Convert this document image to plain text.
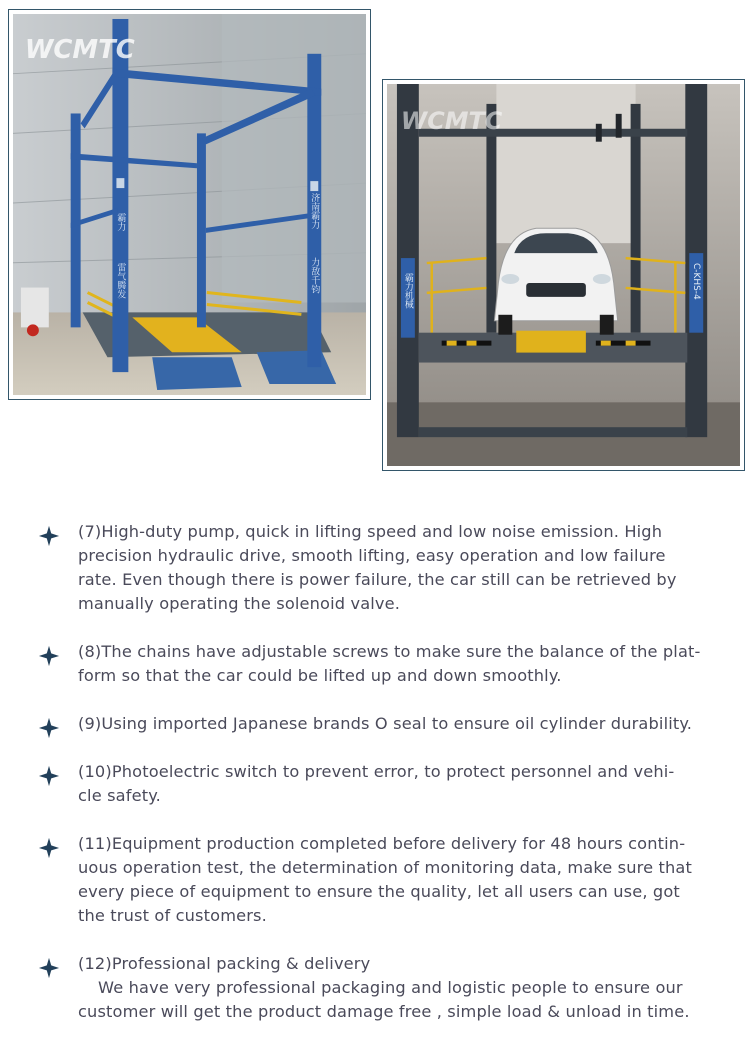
济南霸力
力敌千钧
霸力
雷气腾发
WCMTC
霸力机械	C-KHS-4
WCMTC

(7)High-duty pump, quick in lifting speed and low noise emission. High

precision hydraulic drive, smooth lifting, easy operation and low failure

rate. Even though there is power failure, the car still can be retrieved by

manually operating the solenoid valve.

(8)The chains have adjustable screws to make sure the balance of the plat-

form so that the car could be lifted up and down smoothly.

(9)Using imported Japanese brands O seal to ensure oil cylinder durability.

(10)Photoelectric switch to prevent error, to protect personnel and vehi-

cle safety.

(11)Equipment production completed before delivery for 48 hours contin-

uous operation test, the determination of monitoring data, make sure that

every piece of equipment to ensure the quality, let all users can use, got

the trust of customers.

(12)Professional packing & delivery

We have very professional packaging and logistic people to ensure our

customer will get the product damage free , simple load & unload in time.
